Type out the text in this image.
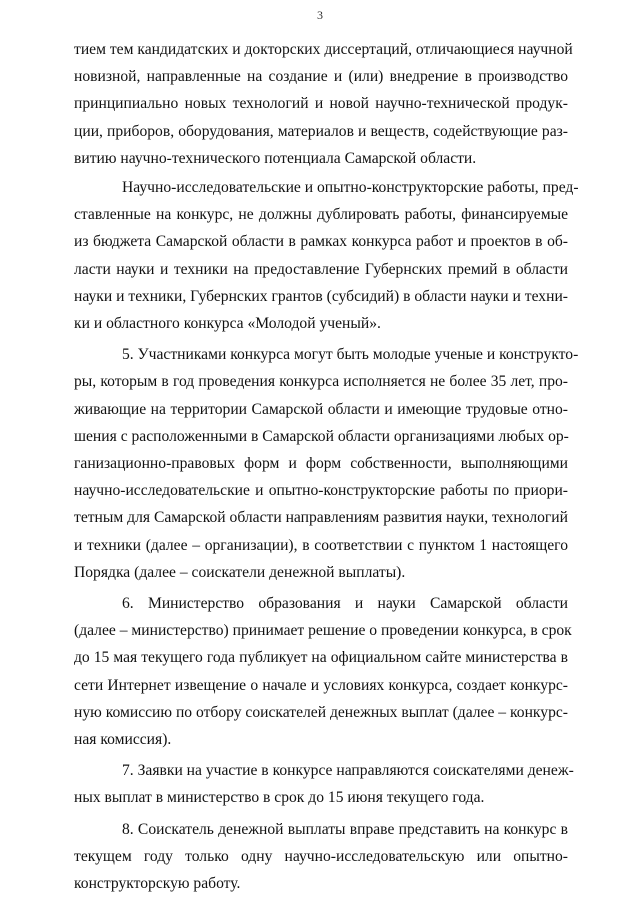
3
тием тем кандидатских и докторских диссертаций, отличающиеся научной
новизной, направленные на создание и (или) внедрение в производство
принципиально новых технологий и новой научно-технической продук-
ции, приборов, оборудования, материалов и веществ, содействующие раз-
витию научно-технического потенциала Самарской области.
Научно-исследовательские и опытно-конструкторские работы, пред-
ставленные на конкурс, не должны дублировать работы, финансируемые
из бюджета Самарской области в рамках конкурса работ и проектов в об-
ласти науки и техники на предоставление Губернских премий в области
науки и техники, Губернских грантов (субсидий) в области науки и техни-
ки и областного конкурса «Молодой ученый».
5. Участниками конкурса могут быть молодые ученые и конструкто-
ры, которым в год проведения конкурса исполняется не более 35 лет, про-
живающие на территории Самарской области и имеющие трудовые отно-
шения с расположенными в Самарской области организациями любых ор-
ганизационно-правовых форм и форм собственности, выполняющими
научно-исследовательские и опытно-конструкторские работы по приори-
тетным для Самарской области направлениям развития науки, технологий
и техники (далее – организации), в соответствии с пунктом 1 настоящего
Порядка (далее – соискатели денежной выплаты).
6. Министерство образования и науки Самарской области
(далее – министерство) принимает решение о проведении конкурса, в срок
до 15 мая текущего года публикует на официальном сайте министерства в
сети Интернет извещение о начале и условиях конкурса, создает конкурс-
ную комиссию по отбору соискателей денежных выплат (далее – конкурс-
ная комиссия).
7. Заявки на участие в конкурсе направляются соискателями денеж-
ных выплат в министерство в срок до 15 июня текущего года.
8. Соискатель денежной выплаты вправе представить на конкурс в
текущем году только одну научно-исследовательскую или опытно-
конструкторскую работу.
